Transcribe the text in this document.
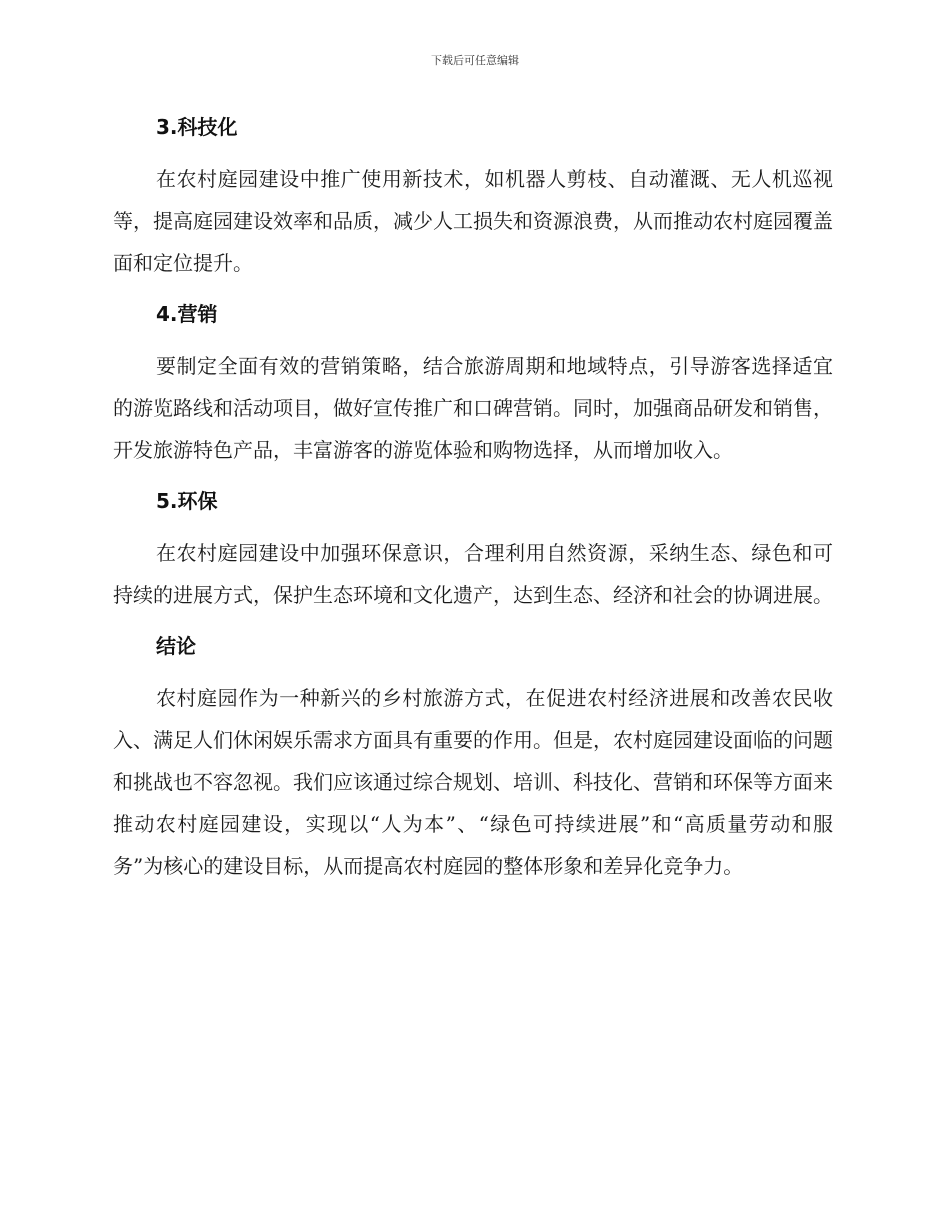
下载后可任意编辑
3.科技化

在农村庭园建设中推广使用新技术，如机器人剪枝、自动灌溉、无人机巡视等，提高庭园建设效率和品质，减少人工损失和资源浪费，从而推动农村庭园覆盖面和定位提升。

4.营销

要制定全面有效的营销策略，结合旅游周期和地域特点，引导游客选择适宜的游览路线和活动项目，做好宣传推广和口碑营销。同时，加强商品研发和销售，开发旅游特色产品，丰富游客的游览体验和购物选择，从而增加收入。

5.环保

在农村庭园建设中加强环保意识，合理利用自然资源，采纳生态、绿色和可持续的进展方式，保护生态环境和文化遗产，达到生态、经济和社会的协调进展。

结论

农村庭园作为一种新兴的乡村旅游方式，在促进农村经济进展和改善农民收入、满足人们休闲娱乐需求方面具有重要的作用。但是，农村庭园建设面临的问题和挑战也不容忽视。我们应该通过综合规划、培训、科技化、营销和环保等方面来推动农村庭园建设，实现以“人为本”、“绿色可持续进展”和“高质量劳动和服务”为核心的建设目标，从而提高农村庭园的整体形象和差异化竞争力。
